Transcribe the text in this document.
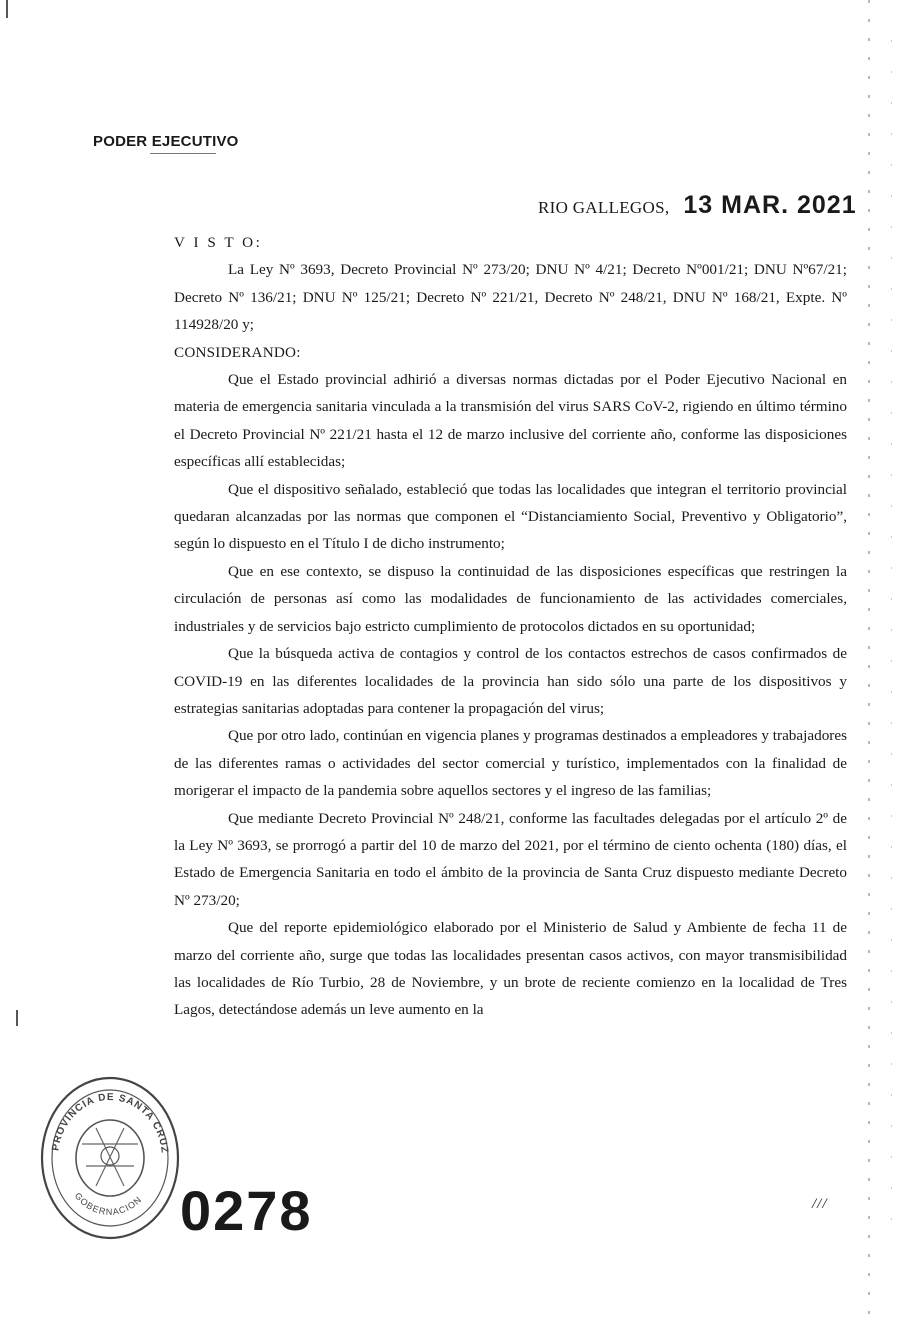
PODER EJECUTIVO
RIO GALLEGOS, 13 MAR. 2021

V I S T O:

La Ley Nº 3693, Decreto Provincial Nº 273/20; DNU Nº 4/21; Decreto Nº001/21; DNU Nº67/21; Decreto Nº 136/21; DNU Nº 125/21; Decreto Nº 221/21, Decreto Nº 248/21, DNU Nº 168/21, Expte. Nº 114928/20 y;

CONSIDERANDO:

Que el Estado provincial adhirió a diversas normas dictadas por el Poder Ejecutivo Nacional en materia de emergencia sanitaria vinculada a la transmisión del virus SARS CoV-2, rigiendo en último término el Decreto Provincial Nº 221/21 hasta el 12 de marzo inclusive del corriente año, conforme las disposiciones específicas allí establecidas;

Que el dispositivo señalado, estableció que todas las localidades que integran el territorio provincial quedaran alcanzadas por las normas que componen el “Distanciamiento Social, Preventivo y Obligatorio”, según lo dispuesto en el Título I de dicho instrumento;

Que en ese contexto, se dispuso la continuidad de las disposiciones específicas que restringen la circulación de personas así como las modalidades de funcionamiento de las actividades comerciales, industriales y de servicios bajo estricto cumplimiento de protocolos dictados en su oportunidad;

Que la búsqueda activa de contagios y control de los contactos estrechos de casos confirmados de COVID-19 en las diferentes localidades de la provincia han sido sólo una parte de los dispositivos y estrategias sanitarias adoptadas para contener la propagación del virus;

Que por otro lado, continúan en vigencia planes y programas destinados a empleadores y trabajadores de las diferentes ramas o actividades del sector comercial y turístico, implementados con la finalidad de morigerar el impacto de la pandemia sobre aquellos sectores y el ingreso de las familias;

Que mediante Decreto Provincial Nº 248/21, conforme las facultades delegadas por el artículo 2º de la Ley Nº 3693, se prorrogó a partir del 10 de marzo del 2021, por el término de ciento ochenta (180) días, el Estado de Emergencia Sanitaria en todo el ámbito de la provincia de Santa Cruz dispuesto mediante Decreto Nº 273/20;

Que del reporte epidemiológico elaborado por el Ministerio de Salud y Ambiente de fecha 11 de marzo del corriente año, surge que todas las localidades presentan casos activos, con mayor transmisibilidad las localidades de Río Turbio, 28 de Noviembre, y un brote de reciente comienzo en la localidad de Tres Lagos, detectándose además un leve aumento en la

PROVINCIA DE SANTA CRUZ
GOBERNACION 0278	///
